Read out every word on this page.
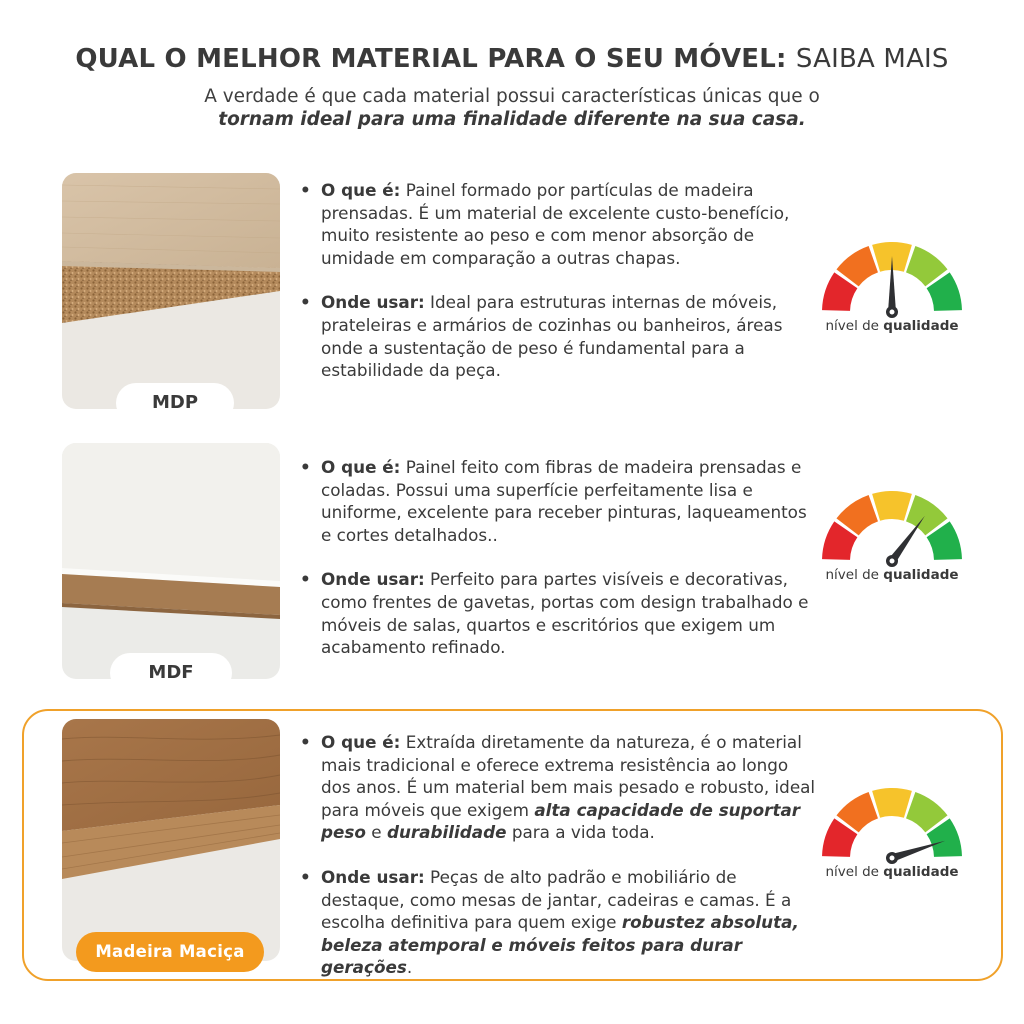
QUAL O MELHOR MATERIAL PARA O SEU MÓVEL: SAIBA MAIS
A verdade é que cada material possui características únicas que o
tornam ideal para uma finalidade diferente na sua casa.
MDP
• O que é: Painel formado por partículas de madeira prensadas. É um material de excelente custo-benefício, muito resistente ao peso e com menor absorção de umidade em comparação a outras chapas.
• Onde usar: Ideal para estruturas internas de móveis, prateleiras e armários de cozinhas ou banheiros, áreas onde a sustentação de peso é fundamental para a estabilidade da peça.
nível de qualidade
MDF
• O que é: Painel feito com fibras de madeira prensadas e coladas. Possui uma superfície perfeitamente lisa e uniforme, excelente para receber pinturas, laqueamentos e cortes detalhados..
• Onde usar: Perfeito para partes visíveis e decorativas, como frentes de gavetas, portas com design trabalhado e móveis de salas, quartos e escritórios que exigem um acabamento refinado.
nível de qualidade
Madeira Maciça
• O que é: Extraída diretamente da natureza, é o material mais tradicional e oferece extrema resistência ao longo dos anos. É um material bem mais pesado e robusto, ideal para móveis que exigem alta capacidade de suportar peso e durabilidade para a vida toda.
• Onde usar: Peças de alto padrão e mobiliário de destaque, como mesas de jantar, cadeiras e camas. É a escolha definitiva para quem exige robustez absoluta, beleza atemporal e móveis feitos para durar gerações.
nível de qualidade
